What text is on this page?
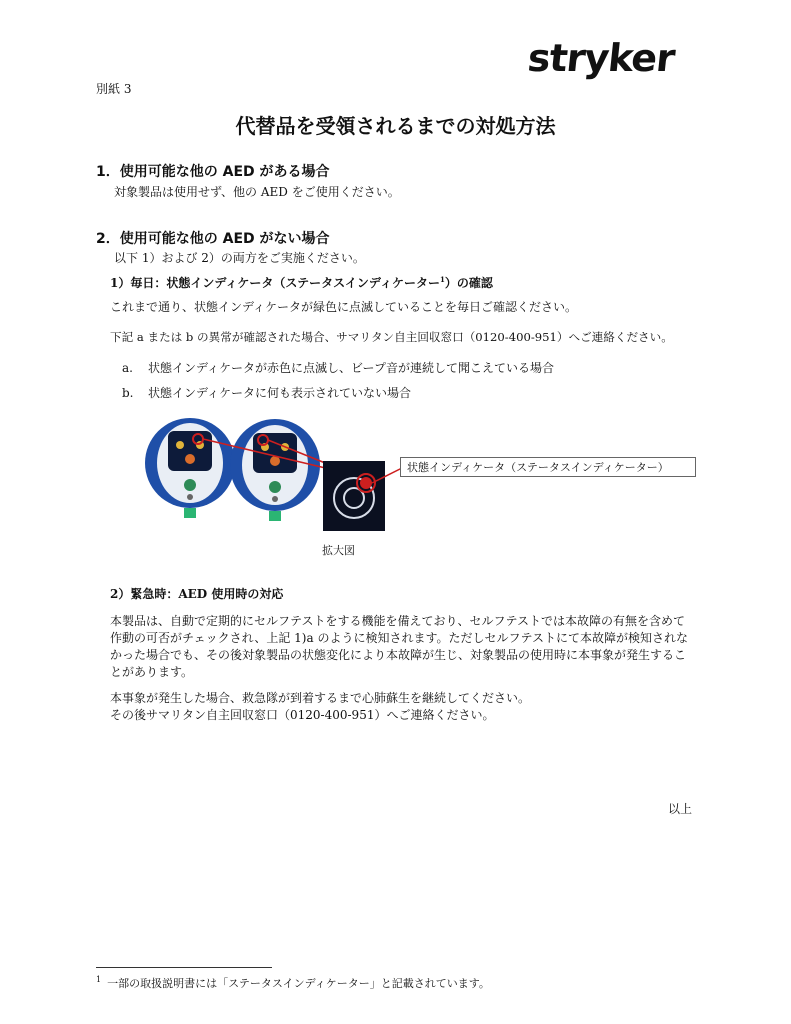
stryker
別紙 3
代替品を受領されるまでの対処方法
1．使用可能な他の AED がある場合
対象製品は使用せず、他の AED をご使用ください。
2．使用可能な他の AED がない場合
以下 1）および 2）の両方をご実施ください。
1）毎日：状態インディケータ（ステータスインディケーター$^1$）の確認
これまで通り、状態インディケータが緑色に点滅していることを毎日ご確認ください。
下記 a または b の異常が確認された場合、サマリタン自主回収窓口（0120-400-951）へご連絡ください。
a. 状態インディケータが赤色に点滅し、ビープ音が連続して聞こえている場合
b. 状態インディケータに何も表示されていない場合
状態インディケータ（ステータスインディケーター）
拡大図
2）緊急時：AED 使用時の対応
本製品は、自動で定期的にセルフテストをする機能を備えており、セルフテストでは本故障の有無を含めて作動の可否がチェックされ、上記 1)a のように検知されます。ただしセルフテストにて本故障が検知されなかった場合でも、その後対象製品の状態変化により本故障が生じ、対象製品の使用時に本事象が発生することがあります。
本事象が発生した場合、救急隊が到着するまで心肺蘇生を継続してください。
その後サマリタン自主回収窓口（0120-400-951）へご連絡ください。
以上
$^1$ 一部の取扱説明書には「ステータスインディケーター」と記載されています。
